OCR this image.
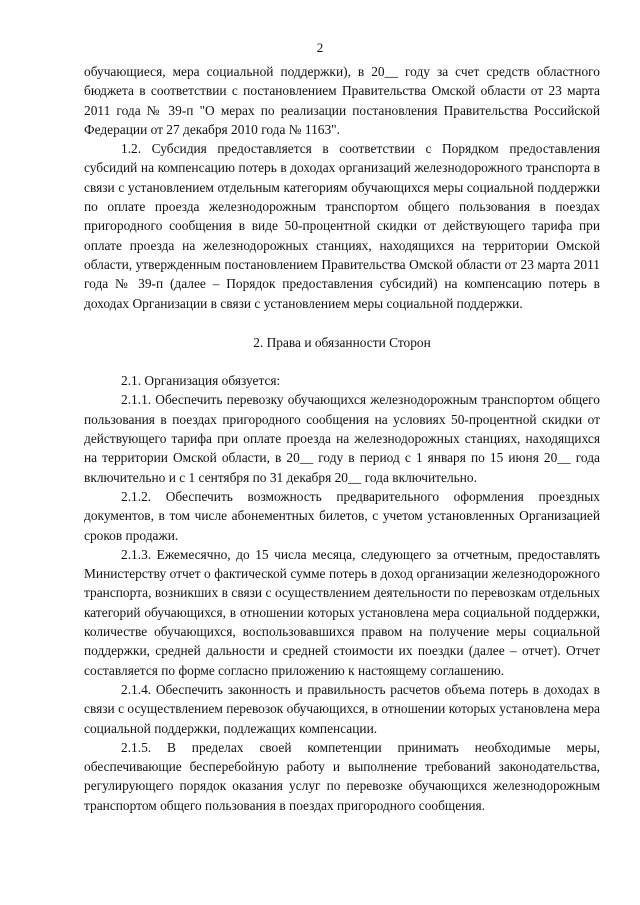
2

обучающиеся, мера социальной поддержки), в 20__ году за счет средств областного бюджета в соответствии с постановлением Правительства Омской области от 23 марта 2011 года № 39-п "О мерах по реализации постановления Правительства Российской Федерации от 27 декабря 2010 года № 1163".

1.2. Субсидия предоставляется в соответствии с Порядком предоставления субсидий на компенсацию потерь в доходах организаций железнодорожного транспорта в связи с установлением отдельным категориям обучающихся меры социальной поддержки по оплате проезда железнодорожным транспортом общего пользования в поездах пригородного сообщения в виде 50-процентной скидки от действующего тарифа при оплате проезда на железнодорожных станциях, находящихся на территории Омской области, утвержденным постановлением Правительства Омской области от 23 марта 2011 года № 39-п (далее – Порядок предоставления субсидий) на компенсацию потерь в доходах Организации в связи с установлением меры социальной поддержки.

2. Права и обязанности Сторон

2.1. Организация обязуется:

2.1.1. Обеспечить перевозку обучающихся железнодорожным транспортом общего пользования в поездах пригородного сообщения на условиях 50-процентной скидки от действующего тарифа при оплате проезда на железнодорожных станциях, находящихся на территории Омской области, в 20__ году в период с 1 января по 15 июня 20__ года включительно и с 1 сентября по 31 декабря 20__ года включительно.

2.1.2. Обеспечить возможность предварительного оформления проездных документов, в том числе абонементных билетов, с учетом установленных Организацией сроков продажи.

2.1.3. Ежемесячно, до 15 числа месяца, следующего за отчетным, предоставлять Министерству отчет о фактической сумме потерь в доход организации железнодорожного транспорта, возникших в связи с осуществлением деятельности по перевозкам отдельных категорий обучающихся, в отношении которых установлена мера социальной поддержки, количестве обучающихся, воспользовавшихся правом на получение меры социальной поддержки, средней дальности и средней стоимости их поездки (далее – отчет). Отчет составляется по форме согласно приложению к настоящему соглашению.

2.1.4. Обеспечить законность и правильность расчетов объема потерь в доходах в связи с осуществлением перевозок обучающихся, в отношении которых установлена мера социальной поддержки, подлежащих компенсации.

2.1.5. В пределах своей компетенции принимать необходимые меры, обеспечивающие бесперебойную работу и выполнение требований законодательства, регулирующего порядок оказания услуг по перевозке обучающихся железнодорожным транспортом общего пользования в поездах пригородного сообщения.
